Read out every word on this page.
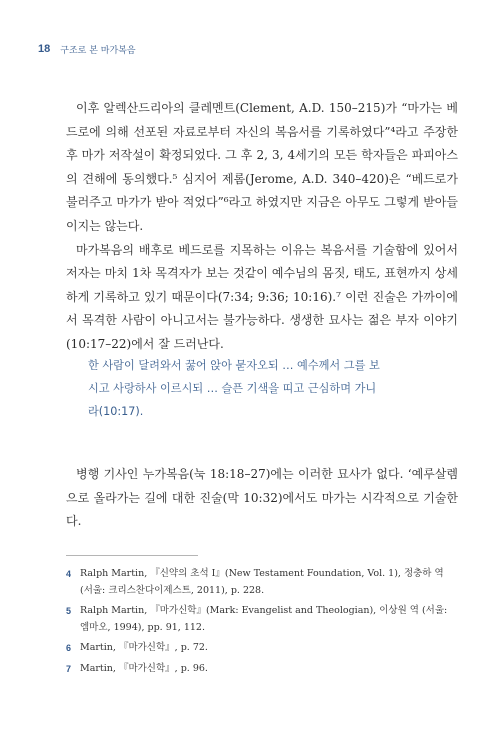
18 구조로 본 마가복음

이후 알렉산드리아의 클레멘트(Clement, A.D. 150–215)가 “마가는 베드로에 의해 선포된 자료로부터 자신의 복음서를 기록하였다”⁴라고 주장한 후 마가 저작설이 확정되었다. 그 후 2, 3, 4세기의 모든 학자들은 파피아스의 견해에 동의했다.⁵ 심지어 제롬(Jerome, A.D. 340–420)은 “베드로가 불러주고 마가가 받아 적었다”⁶라고 하였지만 지금은 아무도 그렇게 받아들이지는 않는다.

마가복음의 배후로 베드로를 지목하는 이유는 복음서를 기술함에 있어서 저자는 마치 1차 목격자가 보는 것같이 예수님의 몸짓, 태도, 표현까지 상세하게 기록하고 있기 때문이다(7:34; 9:36; 10:16).⁷ 이런 진술은 가까이에서 목격한 사람이 아니고서는 불가능하다. 생생한 묘사는 젊은 부자 이야기(10:17–22)에서 잘 드러난다.

한 사람이 달려와서 꿇어 앉아 묻자오되 … 예수께서 그를 보시고 사랑하사 이르시되 … 슬픈 기색을 띠고 근심하며 가니라(10:17).

병행 기사인 누가복음(눅 18:18–27)에는 이러한 묘사가 없다. ‘예루살렘으로 올라가는 길에 대한 진술(막 10:32)에서도 마가는 시각적으로 기술한다.

4 Ralph Martin, 『신약의 초석 I』(New Testament Foundation, Vol. 1), 정충하 역 (서울: 크리스찬다이제스트, 2011), p. 228.
5 Ralph Martin, 『마가신학』(Mark: Evangelist and Theologian), 이상원 역 (서울: 엠마오, 1994), pp. 91, 112.
6 Martin, 『마가신학』, p. 72.
7 Martin, 『마가신학』, p. 96.
